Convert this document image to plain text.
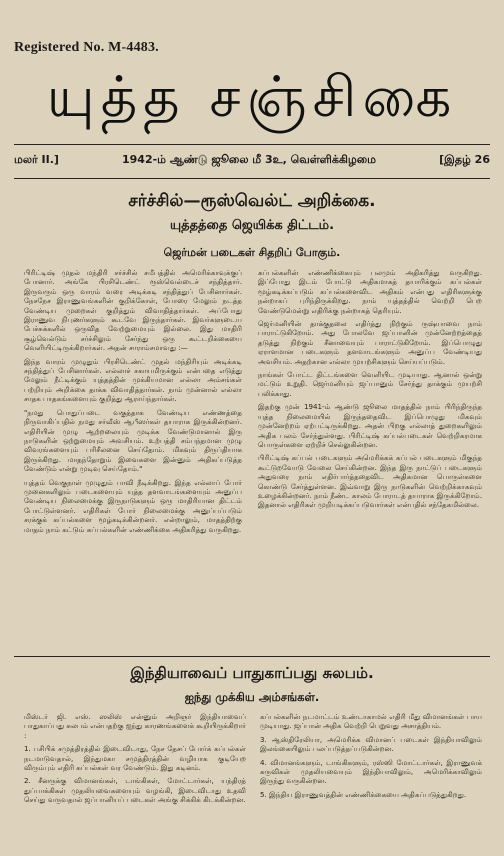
Registered No. M-4483.
யுத்த சஞ்சிகை
மலர் II.]	1942-ம் ஆண்டு ஜூலை மீ 3உ, வெள்ளிக்கிழமை	[இதழ் 26
சர்ச்சில்—ரூஸ்வெல்ட் அறிக்கை.
யுத்தத்தை ஜெயிக்க திட்டம்.
ஜெர்மன் படைகள் சிதறிப் போகும்.

பிரிட்டிஷ் முதல் மந்திரி சர்ச்சில் சமீபத்தில் அமெரிக்காவுக்குப் போனார். அங்கே பிரசிடெண்ட் ரூஸ்வெல்டைச் சந்தித்தார். இருவரும் ஒரு வாரம் வரை அடிக்கடி சந்தித்துப் பேசினார்கள். நேசநேச இராணுவங்களின் குறிக்கோள், போரை மேலும் நடத்த வேண்டிய முறைகள் குறித்தும் விவாதித்தார்கள். அப்போது இராணுவ நிபுணர்களும் கூடவே இருந்தார்கள். இவர்களுடைய பேச்சுக்களில் ஒருவித வேற்றுமையும் இல்லை. இது மாதிரி சூழ்வெல்டும் சர்ச்சிலும் சேர்ந்து ஒரு கூட்டறிக்கையை வெளியிட்டிருக்கிறார்கள். அதன் சாராம்சமாவது :—

இந்த வாரம் முழுதும் பிரசிடெண்ட் முதல் மந்திரியும் அடிக்கடி சந்தித்துப் பேசினார்கள். எல்லாச் சகாயமிருக்கும் என்பதை எடுத்து மேலும் நீட்டிக்கும் யுத்தத்தின் முக்கியமான எல்லா அம்சங்கள் பற்றியும் அறிக்கை தாக்க விவாதித்தார்கள். நாம் முன்னால் எல்லா சாதக பாதகங்களையும் குறித்து ஆராய்ந்தார்கள்.

"நமது பொதுப்படை வகுத்தாக வேண்டிய எண்ணத்தை நிருவாகிப்பதில் நமது சர்வீஸ் ஆபீஸர்கள் தயாராக இருக்கின்றனர். எதிரியின் முழு ஆற்றலையும் முடிக்க வேண்டுமானால் இரு நாடுகளின் ஒற்றுமையும் அவசியம். உற்பத்தி சம்பந்தமான முழு விவரங்களையும் பரிசீலனை செய்தோம். மிகவும் திருப்தியாக இருக்கிறது. மாதந்தோறும் இவைகளை இன்னும் அதிகப்படுத்த வேண்டும் என்று முடிவு செய்தோம்."

யுத்தம் வெகுநாள் முழுதும் பாவி நீடிக்கிறது. இந்த எல்லாப் போர் முனைகளிலும் படைகளையும் யுத்த தளவாடங்களையும் அனுப்ப வேண்டிய நிலைமைக்கு இருநாடுகளும் ஒரு மாதிரியான திட்டம் போட்டுள்ளனர். எதிரிகள் போர் நிலைமைக்கு அனுப்பப்படும் சரக்குக் கப்பல்களை மூழ்கடிக்கின்றனர். என்றாலும், மாதத்திற்கு மாதம் நாம் கட்டும் கப்பல்களின் எண்ணிக்கை அதிகரித்து வருகிறது.

கப்பல்களின் எண்ணிக்கையும் பலமும் அதிகரித்து வருகிறது. இப்போது இடம் போட்டு அதிகமாகத் தயாரிக்கும் கப்பல்கள் மூழ்கடிக்கப்படும் கப்பல்களைவிட அதிகம் என்பது எதிரிகளுக்கு நன்றாகப் புரிந்திருக்கிறது. நாம் யுத்தத்தில் வெற்றி பெற வேண்டுமென்று எதிரிக்கு நன்றாகத் தெரியும்.

ஜெர்மனியின் தாக்குதலை எதிர்த்து நிற்கும் ருஷ்யாவை நாம் பாராட்டுகிறோம். அது போலவே ஜப்பானின் முன்னேற்றத்தைத் தடுத்து நிற்கும் சீனாவையும் பாராட்டுகிறோம். இப்பொழுது ஏராளமான படைகளும் தளவாடங்களும் அனுப்ப வேண்டியது அவசியம். அதற்கான எல்லா முயற்சிகளும் செய்யப்படும்.

நாங்கள் போட்ட திட்டங்களை வெளியிட முடியாது. ஆனால் ஒன்று மட்டும் உறுதி. ஜெர்மனியும் ஜப்பானும் சேர்ந்து தாக்கும் முயற்சி பலிக்காது.

இதற்கு முன் 1941-ம் ஆண்டு ஜூலை மாதத்தில் நாம் பிரிந்திருந்த யுத்த நிலைமையில் இருந்ததைவிட இப்பொழுது மிகவும் முன்னேற்றம் ஏற்பட்டிருக்கிறது. அதன் பிறகு எல்லாத் துறைகளிலும் அதிக பலம் சேர்ந்துள்ளது. பிரிட்டிஷ் கப்பல்படைகள் வெற்றிகரமாக பொருள்களை ஏற்றிச் செல்லுகின்றன.

பிரிட்டிஷ் கப்பல் படைகளும் அமெரிக்கக் கப்பல் படைகளும் மிகுந்த கூட்டுறவோடு வேலை செய்கின்றன. இந்த இரு நாட்டுப் படைகளும் அதுவரை நாம் எதிர்பார்த்ததைவிட அதிகமான பொருள்களை கொண்டு சேர்த்துள்ளன. இவ்வாறு இரு நாடுகளின் வெற்றிக்காகவும் உழைக்கின்றனர். நாம் நீண்ட காலம் போராடத் தயாராக இருக்கிறோம். இதனால் எதிரிகள் முறியடிக்கப்படுவார்கள் என்பதில் சந்தேகமில்லை.

இந்தியாவைப் பாதுகாப்பது சுலபம்.
ஐந்து முக்கிய அம்சங்கள்.

மிஸ்டர் ஜி. எஸ். ஸலிஸ் என்னும் அறிஞர் இந்தியாவைப் பாதுகாப்பது சுலபம் என்பதற்கு ஐந்து காரணங்களைக் கூறியிருக்கிறார் :

1. பசிபிக் சமுத்திரத்தில் இடைவிடாது, நேச தேசப் போர்க் கப்பல்கள் நடமாடுவதால், இந்துமகா சமுத்திரத்தின் வழியாக குடியேற விரும்பும் எதிரி கப்பல்கள் வர வேண்டும். இது கடினம்.

2. சீனருக்கு விமானங்கள், டாங்கிகள், மோட்டார்கள், யந்திரத் துப்பாக்கிகள் முதலியவைகளையும் வழங்கி, இடைவிடாது உதவி செய்து வருவதால் ஜப்பானியப் படைகள் அங்கு சிக்கிக் கிடக்கின்றன.

கப்பல்களின் நடமாட்டம் உண்டாகாமல் எதிரி மீது விமானங்கள் பாய முடியாது. ஜப்பான் அதிக வெற்றி பெறுவது அசாத்தியம்.

3. ஆஸ்திரேலியா, அமெரிக்க விமானப் படைகள் இந்தியாவிலும் இலங்கையிலும் பலப்படுத்தப்படுகின்றன.

4. விமானங்களும், டாங்கிகளும், ரஸ்ஸி மோட்டார்கள், இராணுவக் கருவிகள் முதலியவையும் இந்தியாவிலும், அமெரிக்காவிலும் இருந்து வருகின்றன.

5. இந்திய இராணுவத்தின் எண்ணிக்கையை அதிகப்படுத்துகிறது.
